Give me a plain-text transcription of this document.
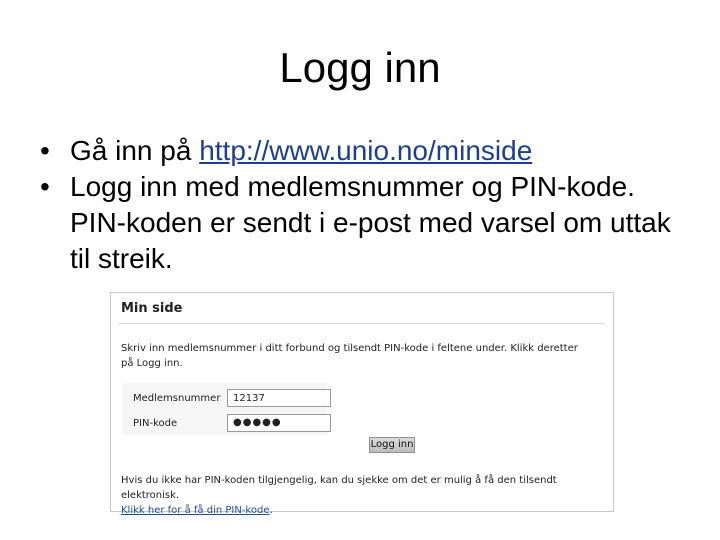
Logg inn
• Gå inn på http://www.unio.no/minside
• Logg inn med medlemsnummer og PIN-kode. PIN-koden er sendt i e-post med varsel om uttak til streik.
Min side
Skriv inn medlemsnummer i ditt forbund og tilsendt PIN-kode i feltene under. Klikk deretter på Logg inn.
Medlemsnummer
12137
PIN-kode	●●●●●
Logg inn
Hvis du ikke har PIN-koden tilgjengelig, kan du sjekke om det er mulig å få den tilsendt elektronisk.
Klikk her for å få din PIN-kode.
